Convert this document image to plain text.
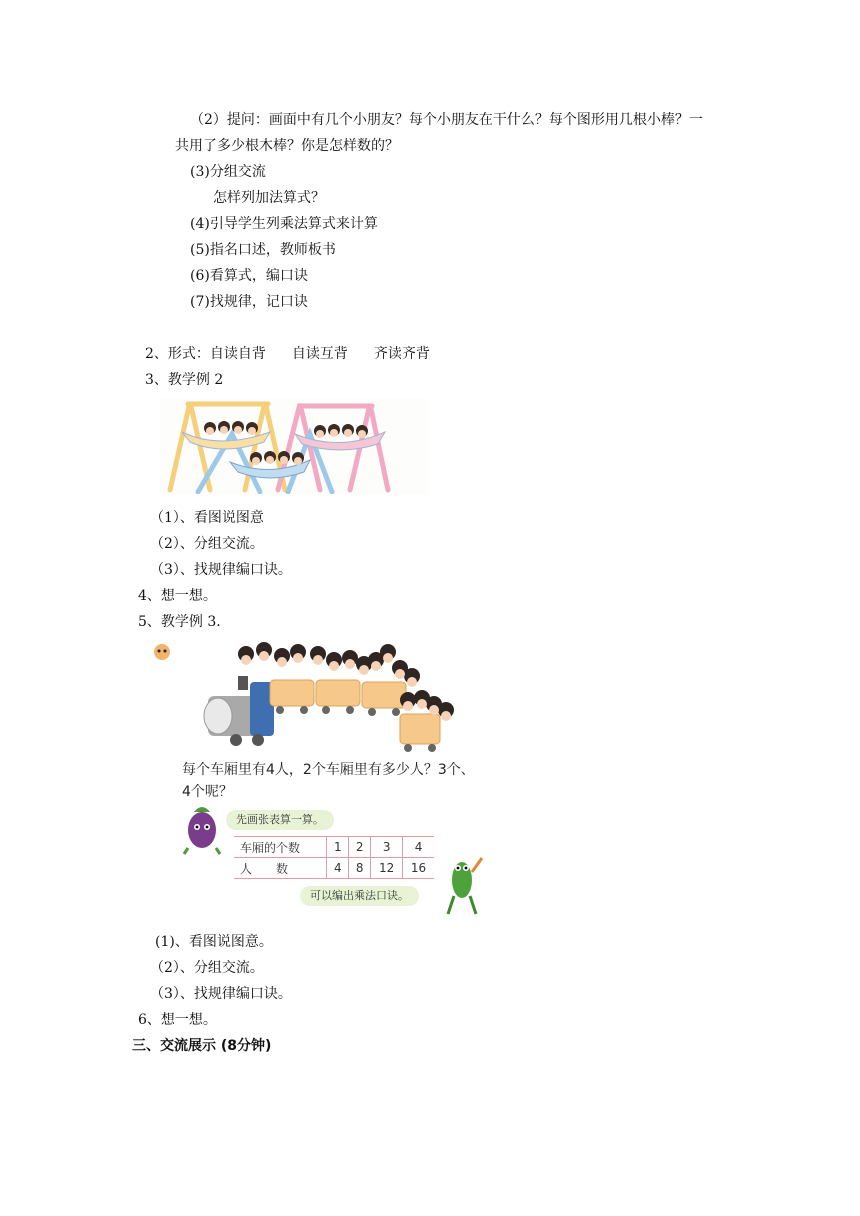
（2）提问：画面中有几个小朋友？每个小朋友在干什么？每个图形用几根小棒？一
共用了多少根木棒？你是怎样数的？
(3)分组交流
怎样列加法算式？
(4)引导学生列乘法算式来计算
(5)指名口述，教师板书
(6)看算式，编口诀
(7)找规律，记口诀
2、形式：自读自背 自读互背 齐读齐背
3、教学例 2
（1）、看图说图意
（2）、分组交流。
（3）、找规律编口诀。
4、想一想。
5、教学例 3.
每个车厢里有4人，2个车厢里有多少人？3个、
4个呢？
先画张表算一算。
车厢的个数	1	2	3	4
人　　数	4	8	12	16
可以编出乘法口诀。
(1)、看图说图意。
（2）、分组交流。
（3）、找规律编口诀。
6、想一想。
三、交流展示 (8分钟)
